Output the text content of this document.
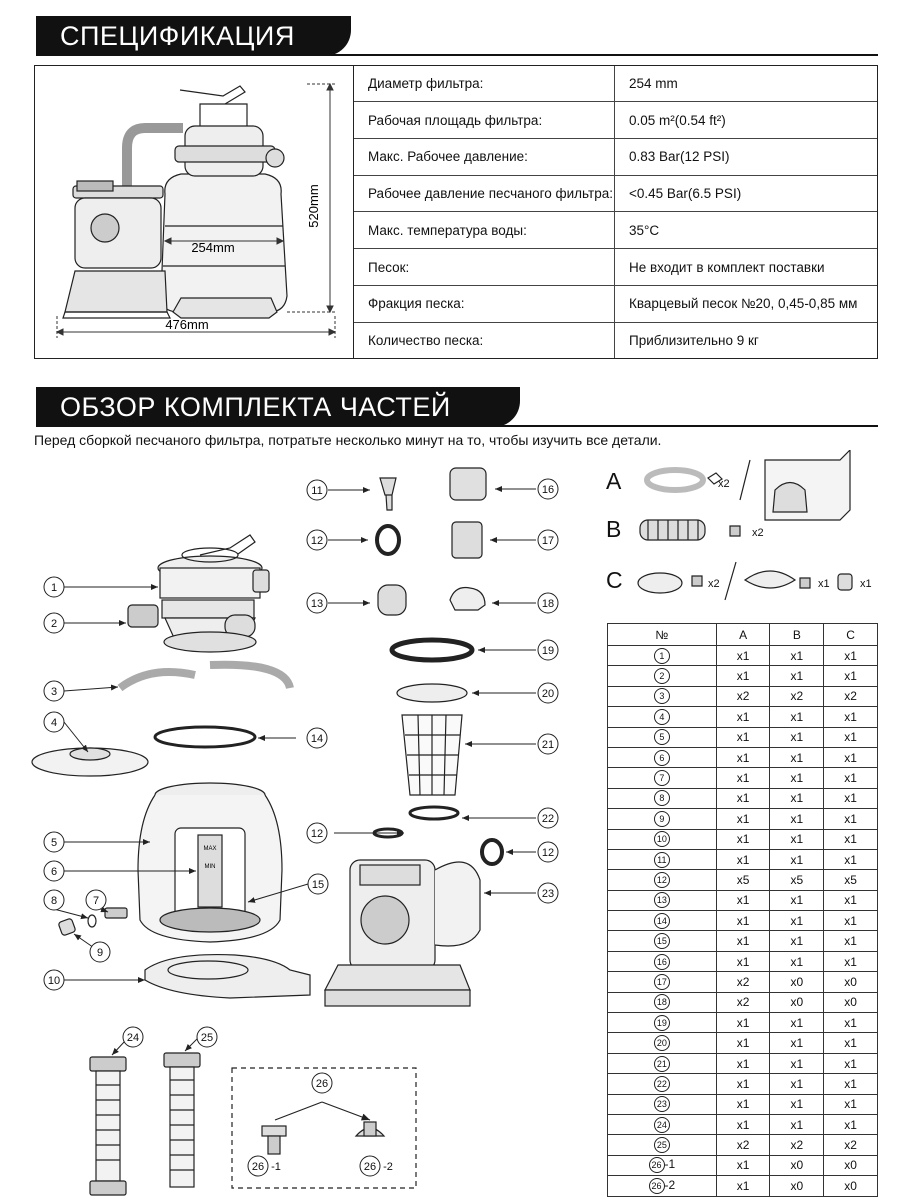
СПЕЦИФИКАЦИЯ
254mm
476mm
520mm
Диаметр фильтра:	254 mm
Рабочая площадь фильтра:	0.05 m²(0.54 ft²)
Макс. Рабочее давление:	0.83 Bar(12 PSI)
Рабочее давление песчаного фильтра:	<0.45 Bar(6.5 PSI)
Макс. температура воды:	35°C
Песок:	Не входит в комплект поставки
Фракция песка:	Кварцевый песок №20, 0,45-0,85 мм
Количество песка:	Приблизительно 9 кг
ОБЗОР КОМПЛЕКТА ЧАСТЕЙ
Перед сборкой песчаного фильтра, потратьте несколько минут на то, чтобы изучить все детали.
MAX
MIN
1
2
3
4
5
6
7
8
9
10
11
12
13
14
15
16
17
18
19
20
21
22
12
12
23
24	25
26
26 -1	26 -2
x2
x2
x2	x1	x1
A
B
C
№	A	B	C
1	x1	x1	x1
2	x1	x1	x1
3	x2	x2	x2
4	x1	x1	x1
5	x1	x1	x1
6	x1	x1	x1
7	x1	x1	x1
8	x1	x1	x1
9	x1	x1	x1
10	x1	x1	x1
11	x1	x1	x1
12	x5	x5	x5
13	x1	x1	x1
14	x1	x1	x1
15	x1	x1	x1
16	x1	x1	x1
17	x2	x0	x0
18	x2	x0	x0
19	x1	x1	x1
20	x1	x1	x1
21	x1	x1	x1
22	x1	x1	x1
23	x1	x1	x1
24	x1	x1	x1
25	x2	x2	x2
26 -1	x1	x0	x0
26 -2	x1	x0	x0
